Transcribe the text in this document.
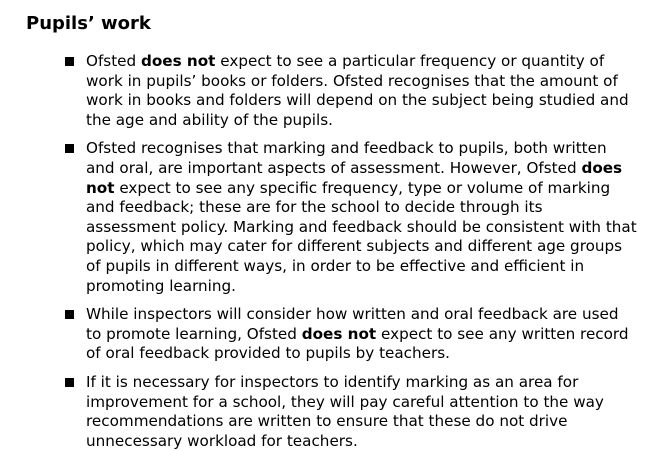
Pupils’ work
Ofsted does not expect to see a particular frequency or quantity of work in pupils’ books or folders. Ofsted recognises that the amount of work in books and folders will depend on the subject being studied and the age and ability of the pupils.
Ofsted recognises that marking and feedback to pupils, both written and oral, are important aspects of assessment. However, Ofsted does not expect to see any specific frequency, type or volume of marking and feedback; these are for the school to decide through its assessment policy. Marking and feedback should be consistent with that policy, which may cater for different subjects and different age groups of pupils in different ways, in order to be effective and efficient in promoting learning.
While inspectors will consider how written and oral feedback are used to promote learning, Ofsted does not expect to see any written record of oral feedback provided to pupils by teachers.
If it is necessary for inspectors to identify marking as an area for improvement for a school, they will pay careful attention to the way recommendations are written to ensure that these do not drive unnecessary workload for teachers.
